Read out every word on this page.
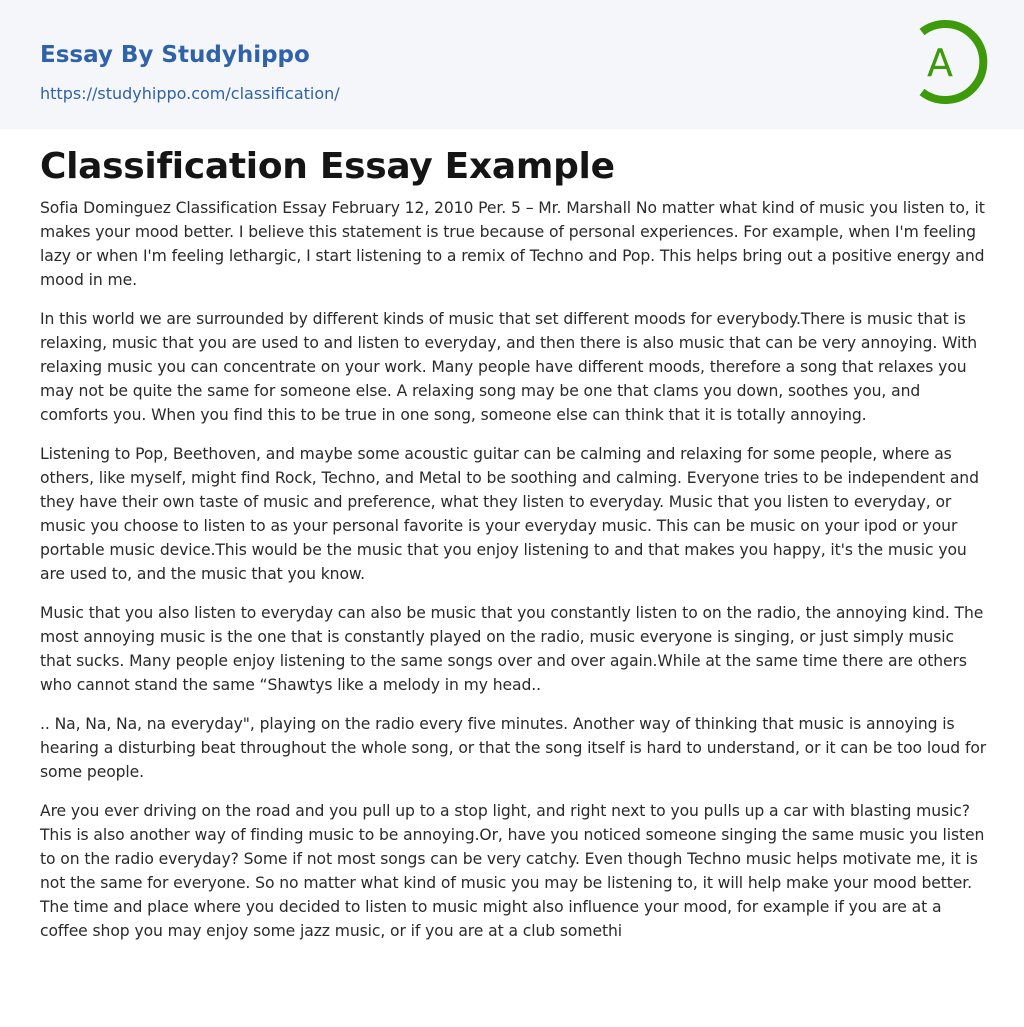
Essay By Studyhippo
https://studyhippo.com/classification/
A
Classification Essay Example

Sofia Dominguez Classification Essay February 12, 2010 Per. 5 – Mr. Marshall No matter what kind of music you listen to, it makes your mood better. I believe this statement is true because of personal experiences. For example, when I'm feeling lazy or when I'm feeling lethargic, I start listening to a remix of Techno and Pop. This helps bring out a positive energy and mood in me.

In this world we are surrounded by different kinds of music that set different moods for everybody.There is music that is relaxing, music that you are used to and listen to everyday, and then there is also music that can be very annoying. With relaxing music you can concentrate on your work. Many people have different moods, therefore a song that relaxes you may not be quite the same for someone else. A relaxing song may be one that clams you down, soothes you, and comforts you. When you find this to be true in one song, someone else can think that it is totally annoying.

Listening to Pop, Beethoven, and maybe some acoustic guitar can be calming and relaxing for some people, where as others, like myself, might find Rock, Techno, and Metal to be soothing and calming. Everyone tries to be independent and they have their own taste of music and preference, what they listen to everyday. Music that you listen to everyday, or music you choose to listen to as your personal favorite is your everyday music. This can be music on your ipod or your portable music device.This would be the music that you enjoy listening to and that makes you happy, it's the music you are used to, and the music that you know.

Music that you also listen to everyday can also be music that you constantly listen to on the radio, the annoying kind. The most annoying music is the one that is constantly played on the radio, music everyone is singing, or just simply music that sucks. Many people enjoy listening to the same songs over and over again.While at the same time there are others who cannot stand the same “Shawtys like a melody in my head..

.. Na, Na, Na, na everyday", playing on the radio every five minutes. Another way of thinking that music is annoying is hearing a disturbing beat throughout the whole song, or that the song itself is hard to understand, or it can be too loud for some people.

Are you ever driving on the road and you pull up to a stop light, and right next to you pulls up a car with blasting music? This is also another way of finding music to be annoying.Or, have you noticed someone singing the same music you listen to on the radio everyday? Some if not most songs can be very catchy. Even though Techno music helps motivate me, it is not the same for everyone. So no matter what kind of music you may be listening to, it will help make your mood better. The time and place where you decided to listen to music might also influence your mood, for example if you are at a coffee shop you may enjoy some jazz music, or if you are at a club somethi
